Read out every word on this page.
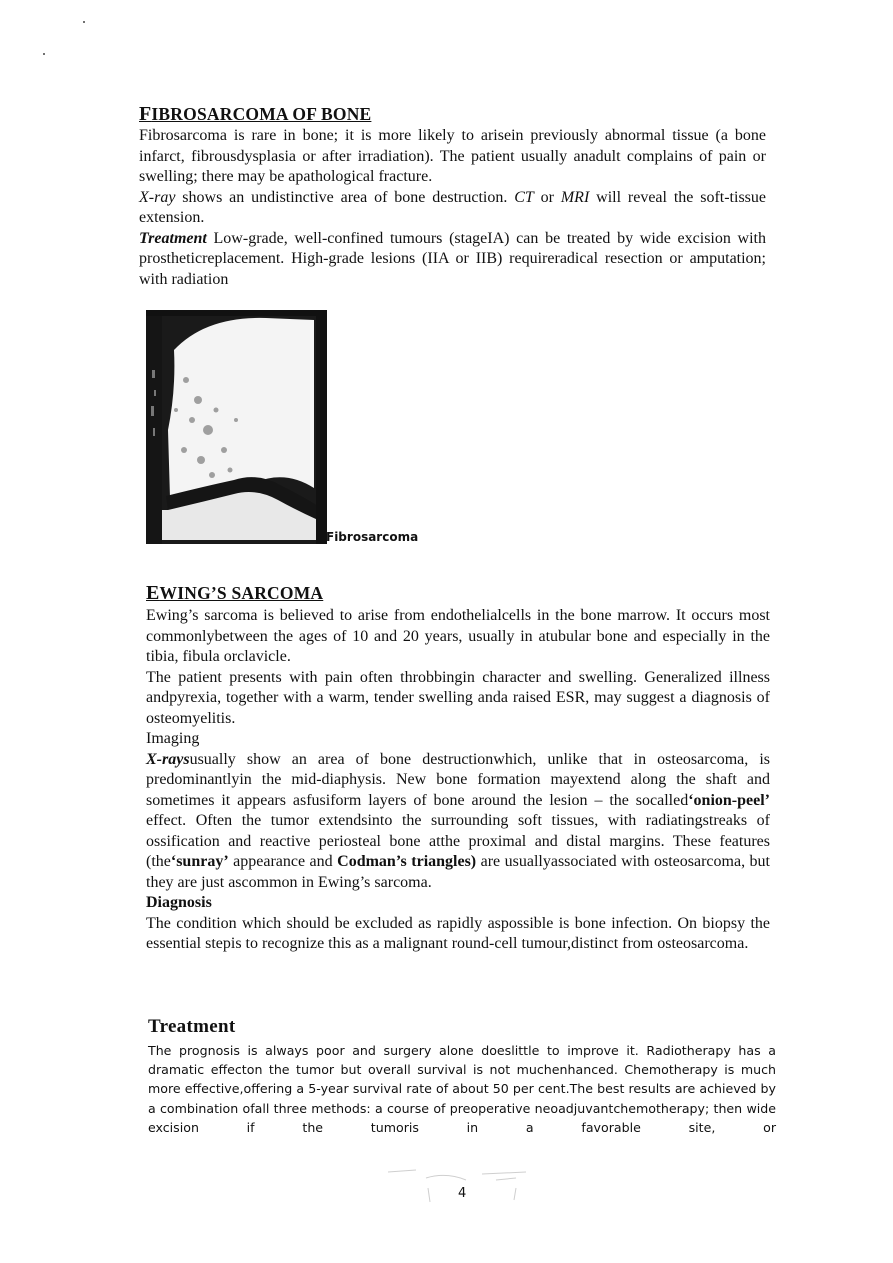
FIBROSARCOMA OF BONE

Fibrosarcoma is rare in bone; it is more likely to arisein previously abnormal tissue (a bone infarct, fibrousdysplasia or after irradiation). The patient usually anadult complains of pain or swelling; there may be apathological fracture.

X-ray shows an undistinctive area of bone destruction. CT or MRI will reveal the soft-tissue extension.

Treatment Low-grade, well-confined tumours (stageIA) can be treated by wide excision with prostheticreplacement. High-grade lesions (IIA or IIB) requireradical resection or amputation; with radiation

Fibrosarcoma
EWING’S SARCOMA

Ewing’s sarcoma is believed to arise from endothelialcells in the bone marrow. It occurs most commonlybetween the ages of 10 and 20 years, usually in atubular bone and especially in the tibia, fibula orclavicle.

The patient presents with pain often throbbingin character and swelling. Generalized illness andpyrexia, together with a warm, tender swelling anda raised ESR, may suggest a diagnosis of osteomyelitis.

Imaging

X-raysusually show an area of bone destructionwhich, unlike that in osteosarcoma, is predominantlyin the mid-diaphysis. New bone formation mayextend along the shaft and sometimes it appears asfusiform layers of bone around the lesion – the socalled‘onion-peel’ effect. Often the tumor extendsinto the surrounding soft tissues, with radiatingstreaks of ossification and reactive periosteal bone atthe proximal and distal margins. These features (the‘sunray’ appearance and Codman’s triangles) are usuallyassociated with osteosarcoma, but they are just ascommon in Ewing’s sarcoma.

Diagnosis

The condition which should be excluded as rapidly aspossible is bone infection. On biopsy the essential stepis to recognize this as a malignant round-cell tumour,distinct from osteosarcoma.

Treatment

The prognosis is always poor and surgery alone doeslittle to improve it. Radiotherapy has a dramatic effecton the tumor but overall survival is not muchenhanced. Chemotherapy is much more effective,offering a 5-year survival rate of about 50 per cent.The best results are achieved by a combination ofall three methods: a course of preoperative neoadjuvantchemotherapy; then wide excision if the tumoris in a favorable site, or

4
